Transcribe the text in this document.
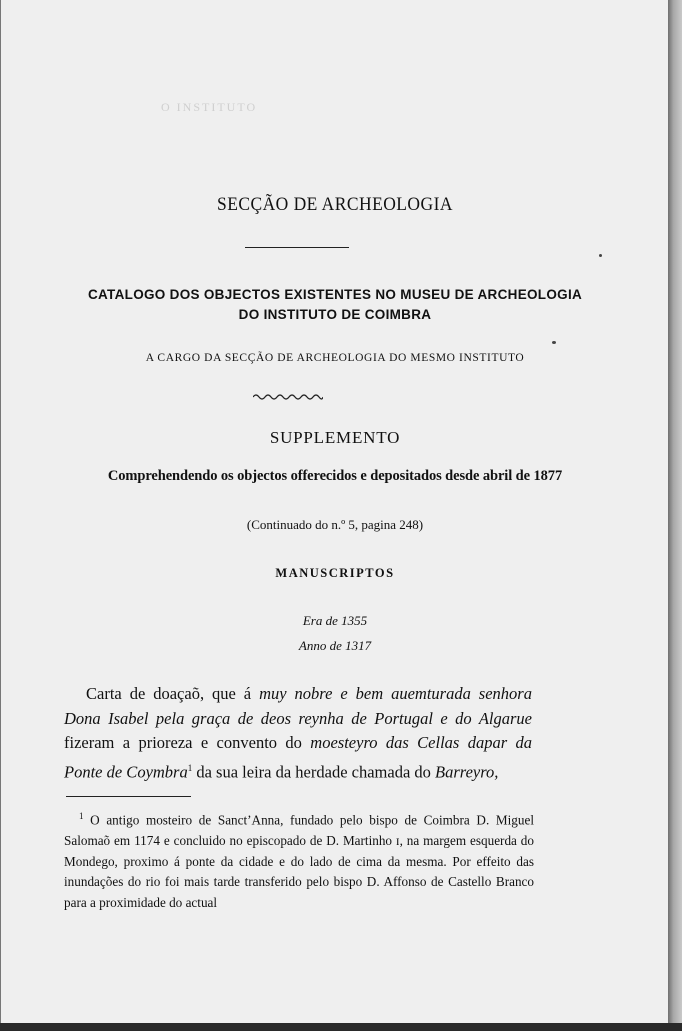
O INSTITUTO
SECÇÃO DE ARCHEOLOGIA
CATALOGO DOS OBJECTOS EXISTENTES NO MUSEU DE ARCHEOLOGIA
DO INSTITUTO DE COIMBRA
A CARGO DA SECÇÃO DE ARCHEOLOGIA DO MESMO INSTITUTO
SUPPLEMENTO
Comprehendendo os objectos offerecidos e depositados desde abril de 1877
(Continuado do n.º 5, pagina 248)
MANUSCRIPTOS
Era de 1355
Anno de 1317
Carta de doaçaõ, que á muy nobre e bem auemturada senhora Dona Isabel pela graça de deos reynha de Portugal e do Algarue fizeram a prioreza e convento do moesteyro das Cellas dapar da Ponte de Coymbra$^1$ da sua leira da herdade chamada do Barreyro,
$^1$ O antigo mosteiro de Sanct’Anna, fundado pelo bispo de Coimbra D. Miguel Salomaõ em 1174 e concluido no episcopado de D. Martinho ɪ, na margem esquerda do Mondego, proximo á ponte da cidade e do lado de cima da mesma. Por effeito das inundações do rio foi mais tarde transferido pelo bispo D. Affonso de Castello Branco para a proximidade do actual
